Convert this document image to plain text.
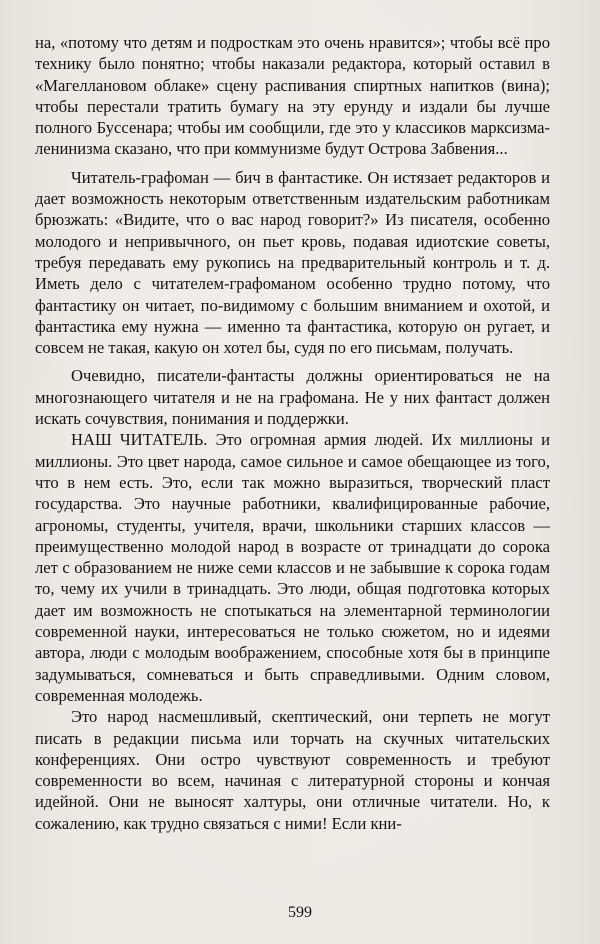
на, «потому что детям и подросткам это очень нравится»; чтобы всё про технику было понятно; чтобы наказали редактора, который оставил в «Магеллановом облаке» сцену распивания спиртных напитков (вина); чтобы перестали тратить бумагу на эту ерунду и издали бы лучше полного Буссенара; чтобы им сообщили, где это у классиков марксизма-ленинизма сказано, что при коммунизме будут Острова Забвения...

Читатель-графоман — бич в фантастике. Он истязает редакторов и дает возможность некоторым ответственным издательским работникам брюзжать: «Видите, что о вас народ говорит?» Из писателя, особенно молодого и непривычного, он пьет кровь, подавая идиотские советы, требуя передавать ему рукопись на предварительный контроль и т. д. Иметь дело с читателем-графоманом особенно трудно потому, что фантастику он читает, по-видимому с большим вниманием и охотой, и фантастика ему нужна — именно та фантастика, которую он ругает, и совсем не такая, какую он хотел бы, судя по его письмам, получать.

Очевидно, писатели-фантасты должны ориентироваться не на многознающего читателя и не на графомана. Не у них фантаст должен искать сочувствия, понимания и поддержки.

НАШ ЧИТАТЕЛЬ. Это огромная армия людей. Их миллионы и миллионы. Это цвет народа, самое сильное и самое обещающее из того, что в нем есть. Это, если так можно выразиться, творческий пласт государства. Это научные работники, квалифицированные рабочие, агрономы, студенты, учителя, врачи, школьники старших классов — преимущественно молодой народ в возрасте от тринадцати до сорока лет с образованием не ниже семи классов и не забывшие к сорока годам то, чему их учили в тринадцать. Это люди, общая подготовка которых дает им возможность не спотыкаться на элементарной терминологии современной науки, интересоваться не только сюжетом, но и идеями автора, люди с молодым воображением, способные хотя бы в принципе задумываться, сомневаться и быть справедливыми. Одним словом, современная молодежь.

Это народ насмешливый, скептический, они терпеть не могут писать в редакции письма или торчать на скучных читательских конференциях. Они остро чувствуют современность и требуют современности во всем, начиная с литературной стороны и кончая идейной. Они не выносят халтуры, они отличные читатели. Но, к сожалению, как трудно связаться с ними! Если кни-

599
